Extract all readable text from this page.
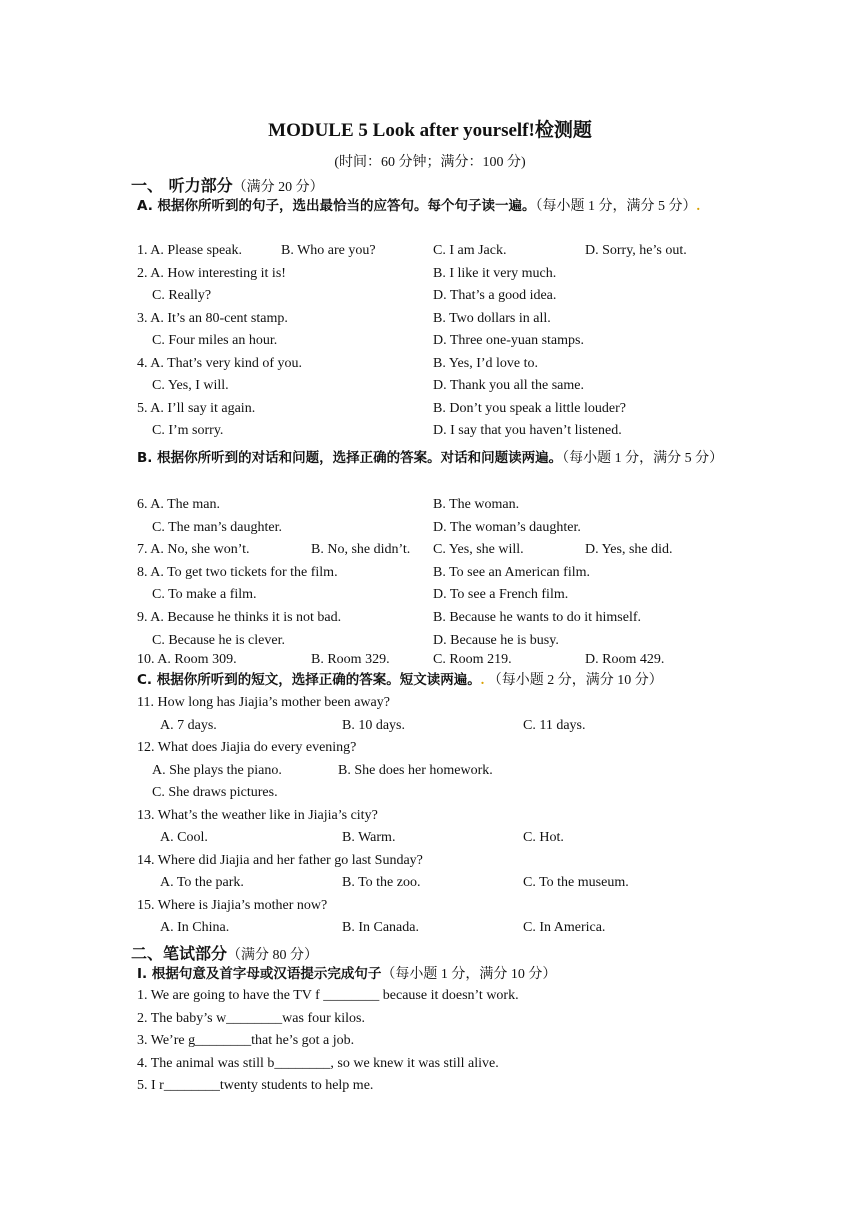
MODULE 5 Look after yourself!检测题
(时间：60 分钟；满分：100 分)
一、 听力部分（满分 20 分）
A. 根据你所听到的句子，选出最恰当的应答句。每个句子读一遍。（每小题 1 分，满分 5 分）.
B. 根据你所听到的对话和问题，选择正确的答案。对话和问题读两遍。（每小题 1 分，满分 5 分）
C. 根据你所听到的短文，选择正确的答案。短文读两遍。. （每小题 2 分，满分 10 分）
二、笔试部分（满分 80 分）
Ⅰ. 根据句意及首字母或汉语提示完成句子（每小题 1 分，满分 10 分）
1. A. Please speak.	B. Who are you?	C. I am Jack.	D. Sorry, he’s out.
2. A. How interesting it is!	B. I like it very much.
C. Really?	D. That’s a good idea.
3. A. It’s an 80-cent stamp.	B. Two dollars in all.
C. Four miles an hour.	D. Three one-yuan stamps.
4. A. That’s very kind of you.	B. Yes, I’d love to.
C. Yes, I will.	D. Thank you all the same.
5. A. I’ll say it again.	B. Don’t you speak a little louder?
C. I’m sorry.	D. I say that you haven’t listened.
6. A. The man.	B. The woman.
C. The man’s daughter.	D. The woman’s daughter.
7. A. No, she won’t.	B. No, she didn’t. C. Yes, she will.	D. Yes, she did.
8. A. To get two tickets for the film.	B. To see an American film.
C. To make a film.	D. To see a French film.
9. A. Because he thinks it is not bad.	B. Because he wants to do it himself.
C. Because he is clever.	D. Because he is busy.
10. A. Room 309.	B. Room 329.	C. Room 219.	D. Room 429.
11. How long has Jiajia’s mother been away?
A. 7 days.	B. 10 days.	C. 11 days.
12. What does Jiajia do every evening?
A. She plays the piano.	B. She does her homework.
C. She draws pictures.
13. What’s the weather like in Jiajia’s city?
A. Cool.	B. Warm.	C. Hot.
14. Where did Jiajia and her father go last Sunday?
A. To the park.	B. To the zoo.	C. To the museum.
15. Where is Jiajia’s mother now?
A. In China.	B. In Canada.	C. In America.
1. We are going to have the TV f ________ because it doesn’t work.
2. The baby’s w________was four kilos.
3. We’re g________that he’s got a job.
4. The animal was still b________, so we knew it was still alive.
5. I r________twenty students to help me.
